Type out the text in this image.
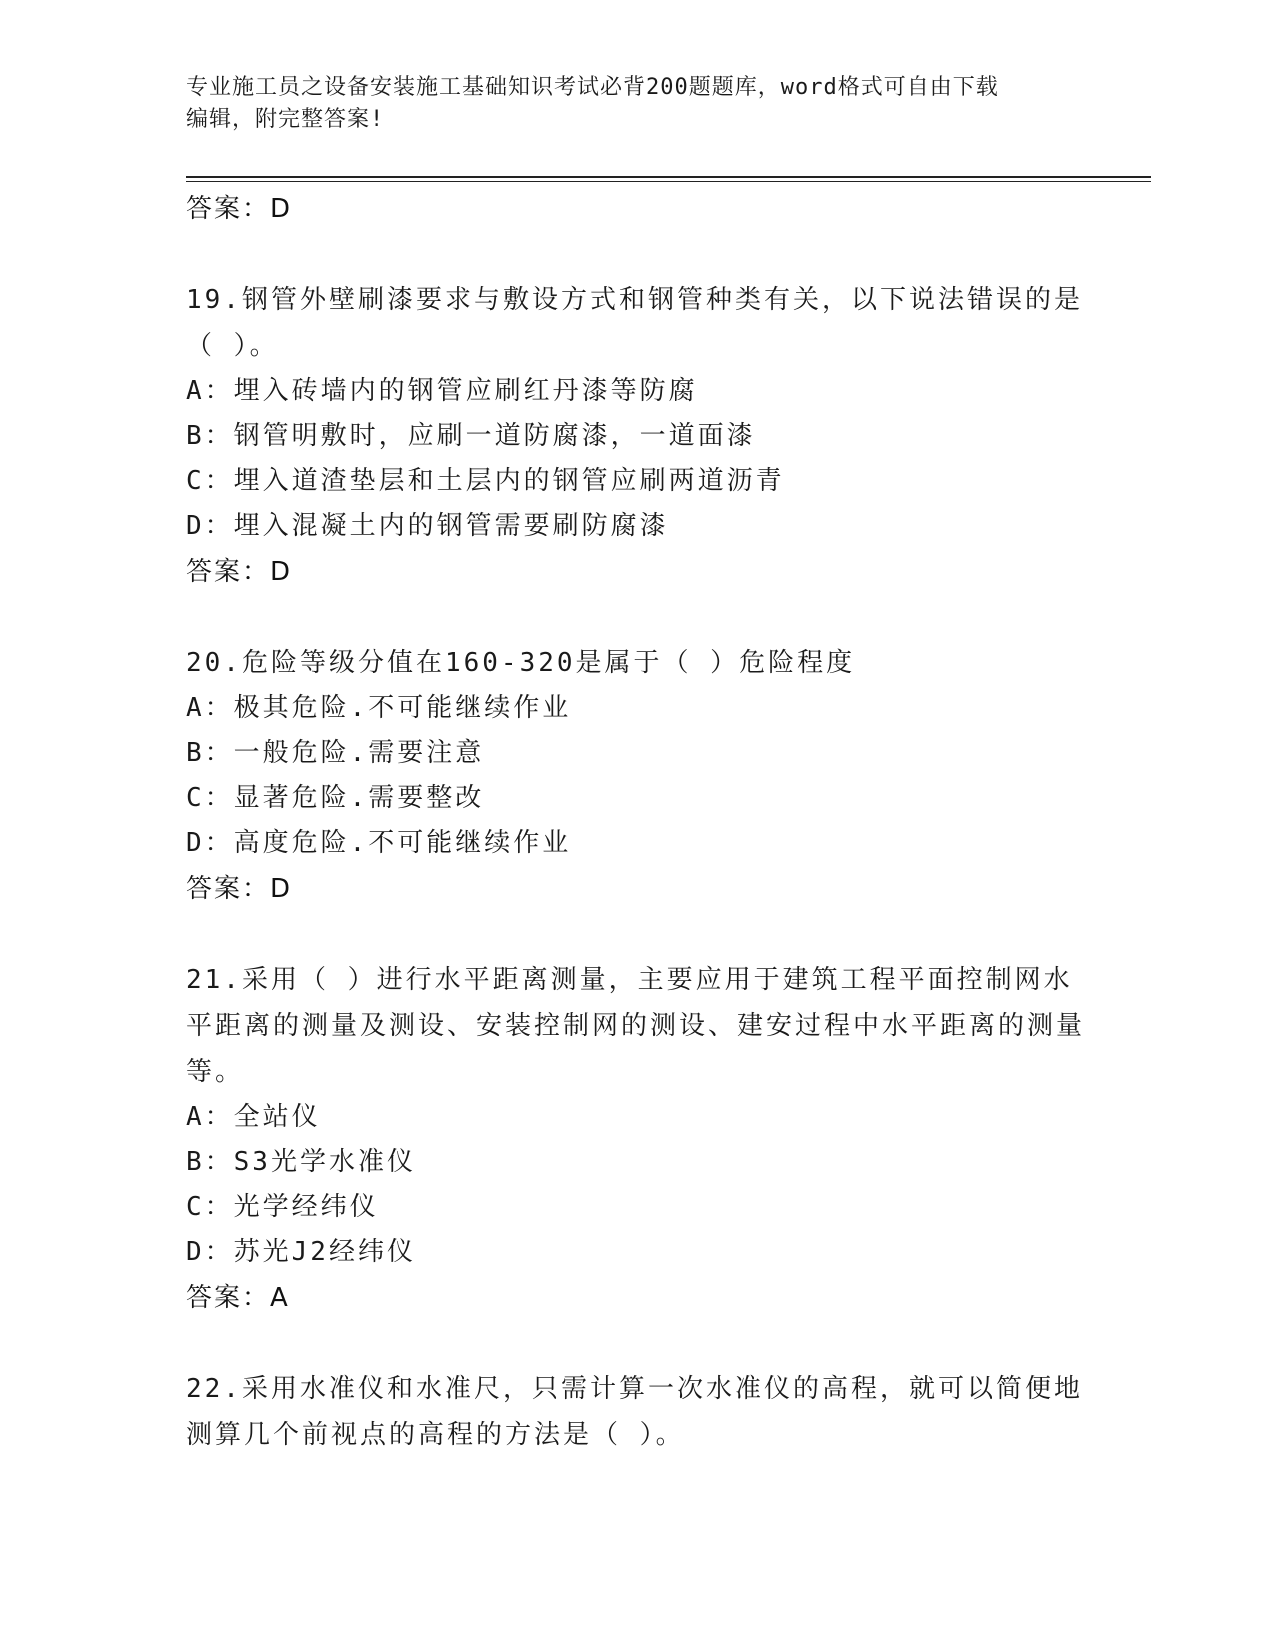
专业施工员之设备安装施工基础知识考试必背200题题库，word格式可自由下载
编辑，附完整答案!
答案：D
19.钢管外壁刷漆要求与敷设方式和钢管种类有关，以下说法错误的是（ ）。
A：埋入砖墙内的钢管应刷红丹漆等防腐
B：钢管明敷时，应刷一道防腐漆，一道面漆
C：埋入道渣垫层和土层内的钢管应刷两道沥青
D：埋入混凝土内的钢管需要刷防腐漆
答案：D
20.危险等级分值在160-320是属于（ ）危险程度
A：极其危险.不可能继续作业
B：一般危险.需要注意
C：显著危险.需要整改
D：高度危险.不可能继续作业
答案：D
21.采用（ ）进行水平距离测量，主要应用于建筑工程平面控制网水平距离的测量及测设、安装控制网的测设、建安过程中水平距离的测量等。
A：全站仪
B：S3光学水准仪
C：光学经纬仪
D：苏光J2经纬仪
答案：A
22.采用水准仪和水准尺，只需计算一次水准仪的高程，就可以简便地测算几个前视点的高程的方法是（ ）。
